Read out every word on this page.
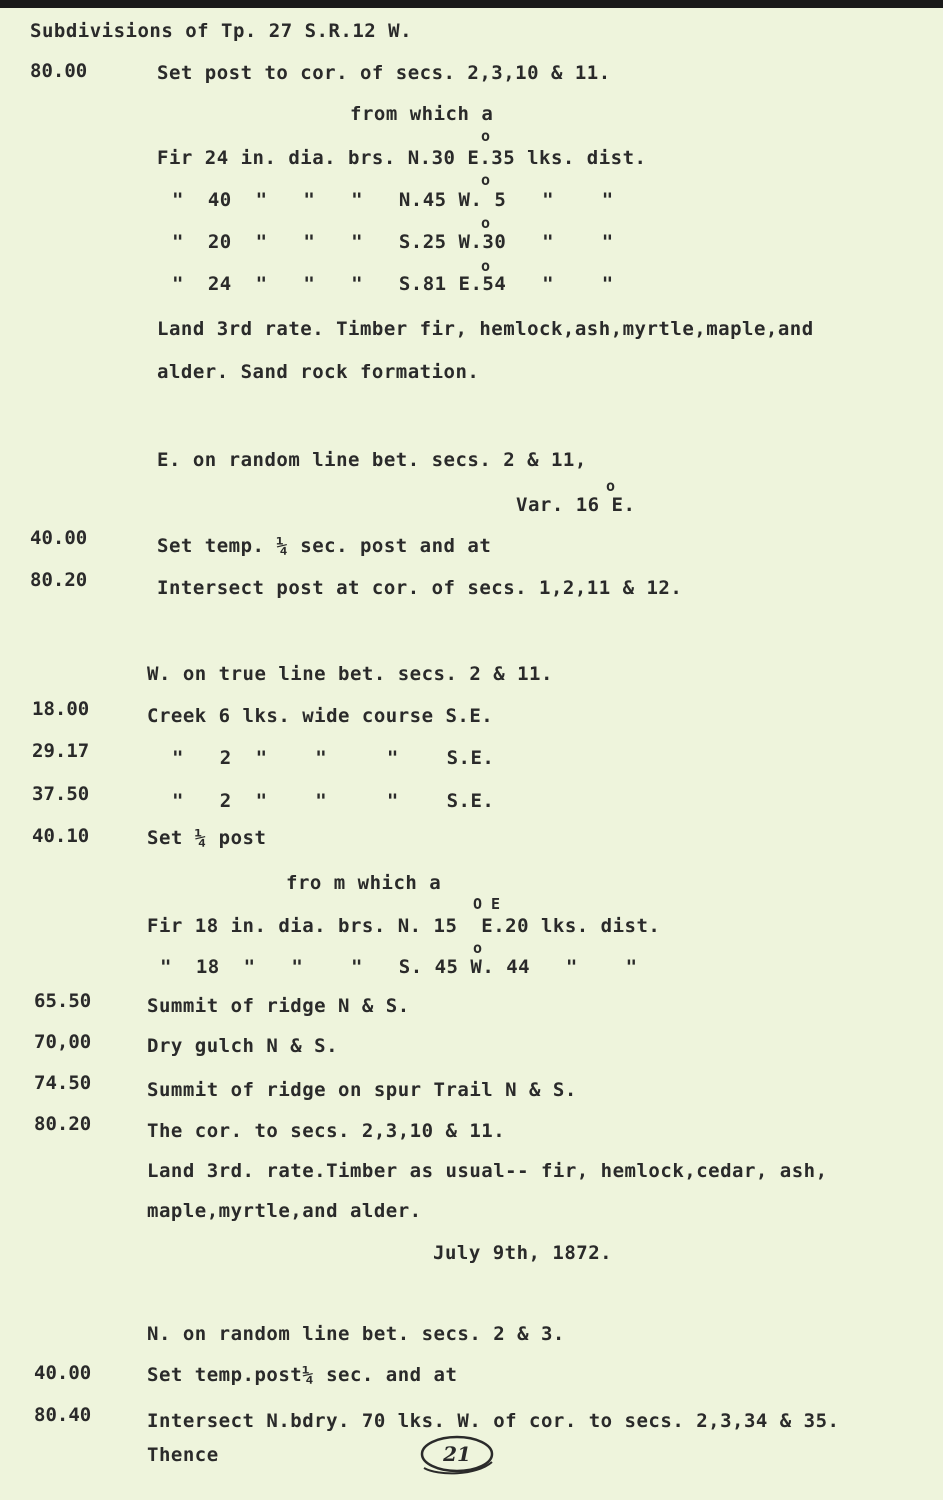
Subdivisions of Tp. 27 S.R.12 W.
80.00	Set post to cor. of secs. 2,3,10 & 11.
from which a
o
Fir 24 in. dia. brs. N.30 E.35 lks. dist.
o
"  40  "   "   "   N.45 W. 5   "    "
o
"  20  "   "   "   S.25 W.30   "    "
o
"  24  "   "   "   S.81 E.54   "    "
Land 3rd rate. Timber fir, hemlock,ash,myrtle,maple,and
alder. Sand rock formation.
E. on random line bet. secs. 2 & 11,
o
Var. 16 E.
40.00	Set temp. ¼ sec. post and at
80.20	Intersect post at cor. of secs. 1,2,11 & 12.
W. on true line bet. secs. 2 & 11.
18.00	Creek 6 lks. wide course S.E.
29.17	"   2  "    "     "    S.E.
37.50	"   2  "    "     "    S.E.
40.10	Set ¼ post
fro m which a
O E
Fir 18 in. dia. brs. N. 15  E.20 lks. dist.
o
"  18  "   "    "   S. 45 W. 44   "    "
65.50	Summit of ridge N & S.
70,00	Dry gulch N & S.
74.50	Summit of ridge on spur Trail N & S.
80.20	The cor. to secs. 2,3,10 & 11.
Land 3rd. rate.Timber as usual-- fir, hemlock,cedar, ash,
maple,myrtle,and alder.
July 9th, 1872.
N. on random line bet. secs. 2 & 3.
40.00	Set temp.post¼ sec. and at
80.40	Intersect N.bdry. 70 lks. W. of cor. to secs. 2,3,34 & 35.
Thence	21
